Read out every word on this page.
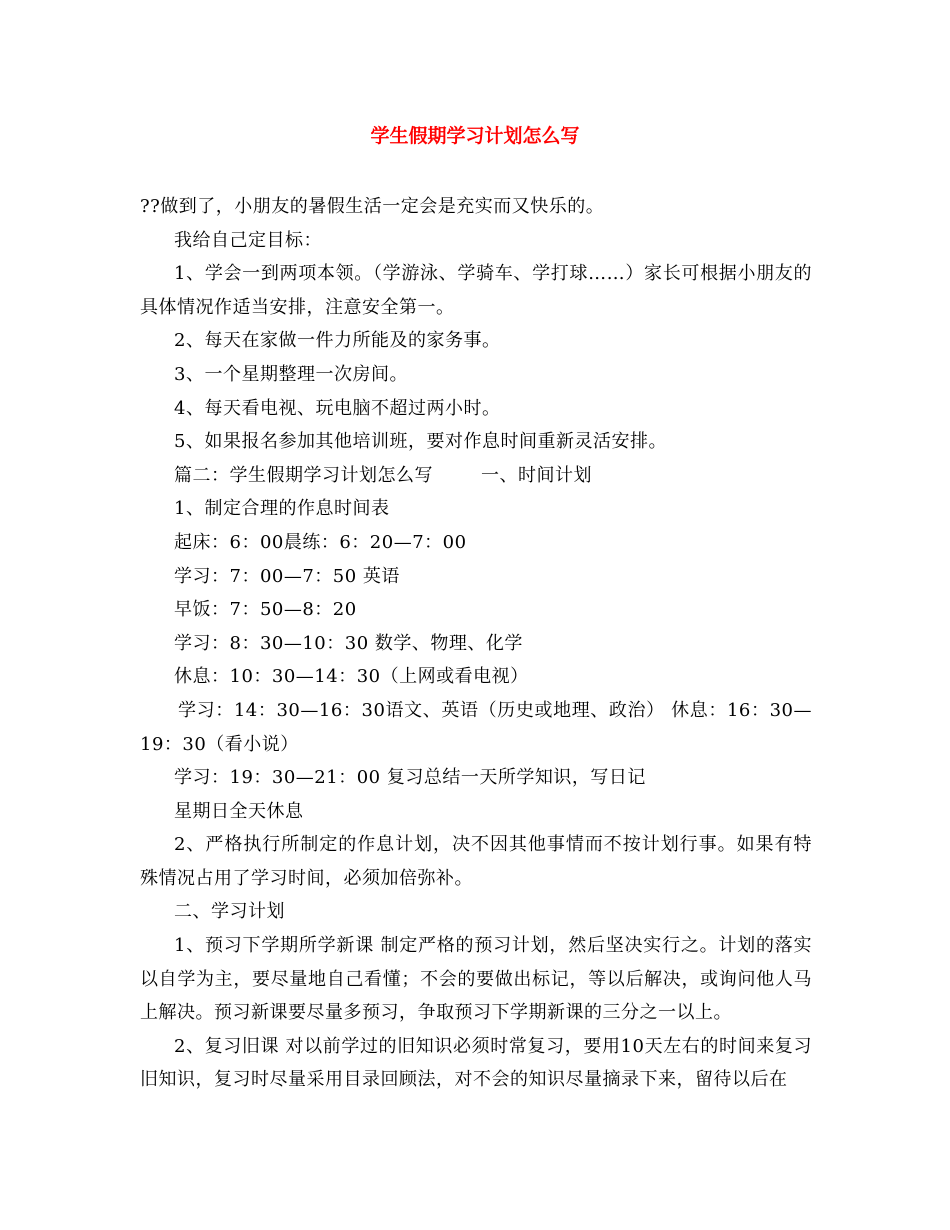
学生假期学习计划怎么写

??做到了，小朋友的暑假生活一定会是充实而又快乐的。

我给自己定目标：

1、学会一到两项本领。（学游泳、学骑车、学打球……）家长可根据小朋友的具体情况作适当安排，注意安全第一。

2、每天在家做一件力所能及的家务事。

3、一个星期整理一次房间。

4、每天看电视、玩电脑不超过两小时。

5、如果报名参加其他培训班，要对作息时间重新灵活安排。

篇二：学生假期学习计划怎么写	一、时间计划

1、制定合理的作息时间表

起床：6：00晨练：6：20—7：00

学习：7：00—7：50 英语

早饭：7：50—8：20

学习：8：30—10：30 数学、物理、化学

休息：10：30—14：30（上网或看电视）

学习：14：30—16：30语文、英语（历史或地理、政治） 休息：16：30—19：30（看小说）

学习：19：30—21：00 复习总结一天所学知识，写日记

星期日全天休息

2、严格执行所制定的作息计划，决不因其他事情而不按计划行事。如果有特殊情况占用了学习时间，必须加倍弥补。

二、学习计划

1、预习下学期所学新课 制定严格的预习计划，然后坚决实行之。计划的落实以自学为主，要尽量地自己看懂；不会的要做出标记，等以后解决，或询问他人马上解决。预习新课要尽量多预习，争取预习下学期新课的三分之一以上。

2、复习旧课 对以前学过的旧知识必须时常复习，要用10天左右的时间来复习旧知识，复习时尽量采用目录回顾法，对不会的知识尽量摘录下来，留待以后在
